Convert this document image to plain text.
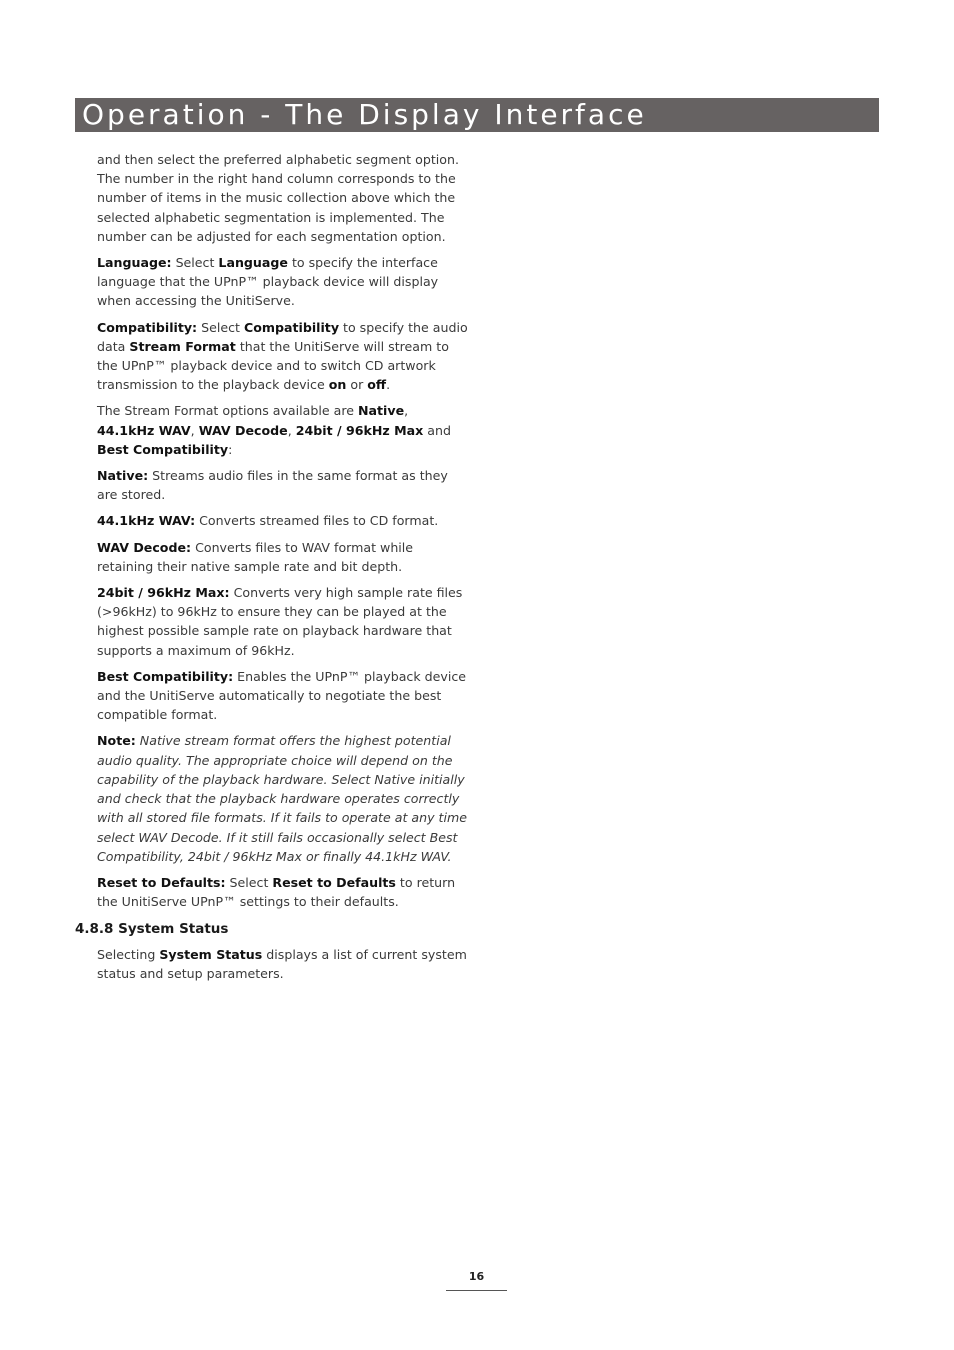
Operation - The Display Interface

and then select the preferred alphabetic segment option. The number in the right hand column corresponds to the number of items in the music collection above which the selected alphabetic segmentation is implemented. The number can be adjusted for each segmentation option.

Language: Select Language to specify the interface language that the UPnP™ playback device will display when accessing the UnitiServe.

Compatibility: Select Compatibility to specify the audio data Stream Format that the UnitiServe will stream to the UPnP™ playback device and to switch CD artwork transmission to the playback device on or off.

The Stream Format options available are Native, 44.1kHz WAV, WAV Decode, 24bit / 96kHz Max and Best Compatibility:

Native: Streams audio files in the same format as they are stored.

44.1kHz WAV: Converts streamed files to CD format.

WAV Decode: Converts files to WAV format while retaining their native sample rate and bit depth.

24bit / 96kHz Max: Converts very high sample rate files (>96kHz) to 96kHz to ensure they can be played at the highest possible sample rate on playback hardware that supports a maximum of 96kHz.

Best Compatibility: Enables the UPnP™ playback device and the UnitiServe automatically to negotiate the best compatible format.

Note: Native stream format offers the highest potential audio quality. The appropriate choice will depend on the capability of the playback hardware. Select Native initially and check that the playback hardware operates correctly with all stored file formats. If it fails to operate at any time select WAV Decode. If it still fails occasionally select Best Compatibility, 24bit / 96kHz Max or finally 44.1kHz WAV.

Reset to Defaults: Select Reset to Defaults to return the UnitiServe UPnP™ settings to their defaults.

4.8.8 System Status

Selecting System Status displays a list of current system status and setup parameters.

16
